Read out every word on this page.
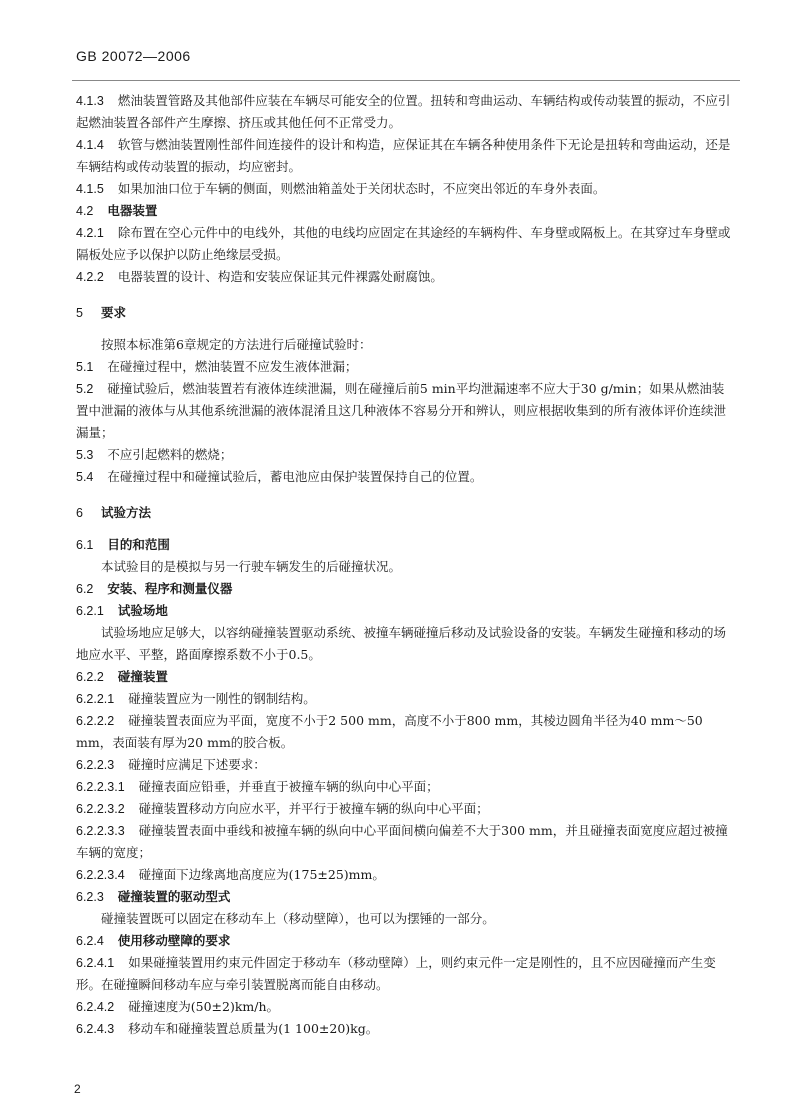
GB 20072—2006
4.1.3 燃油装置管路及其他部件应装在车辆尽可能安全的位置。扭转和弯曲运动、车辆结构或传动装置的振动，不应引起燃油装置各部件产生摩擦、挤压或其他任何不正常受力。
4.1.4 软管与燃油装置刚性部件间连接件的设计和构造，应保证其在车辆各种使用条件下无论是扭转和弯曲运动，还是车辆结构或传动装置的振动，均应密封。
4.1.5 如果加油口位于车辆的侧面，则燃油箱盖处于关闭状态时，不应突出邻近的车身外表面。
4.2 电器装置
4.2.1 除布置在空心元件中的电线外，其他的电线均应固定在其途经的车辆构件、车身壁或隔板上。在其穿过车身壁或隔板处应予以保护以防止绝缘层受损。
4.2.2 电器装置的设计、构造和安装应保证其元件裸露处耐腐蚀。
5 要求
按照本标准第6章规定的方法进行后碰撞试验时：
5.1 在碰撞过程中，燃油装置不应发生液体泄漏；
5.2 碰撞试验后，燃油装置若有液体连续泄漏，则在碰撞后前5 min平均泄漏速率不应大于30 g/min；如果从燃油装置中泄漏的液体与从其他系统泄漏的液体混淆且这几种液体不容易分开和辨认，则应根据收集到的所有液体评价连续泄漏量；
5.3 不应引起燃料的燃烧；
5.4 在碰撞过程中和碰撞试验后，蓄电池应由保护装置保持自己的位置。
6 试验方法
6.1 目的和范围
本试验目的是模拟与另一行驶车辆发生的后碰撞状况。
6.2 安装、程序和测量仪器
6.2.1 试验场地
试验场地应足够大，以容纳碰撞装置驱动系统、被撞车辆碰撞后移动及试验设备的安装。车辆发生碰撞和移动的场地应水平、平整，路面摩擦系数不小于0.5。
6.2.2 碰撞装置
6.2.2.1 碰撞装置应为一刚性的钢制结构。
6.2.2.2 碰撞装置表面应为平面，宽度不小于2 500 mm，高度不小于800 mm，其棱边圆角半径为40 mm～50 mm，表面装有厚为20 mm的胶合板。
6.2.2.3 碰撞时应满足下述要求：
6.2.2.3.1 碰撞表面应铅垂，并垂直于被撞车辆的纵向中心平面；
6.2.2.3.2 碰撞装置移动方向应水平，并平行于被撞车辆的纵向中心平面；
6.2.2.3.3 碰撞装置表面中垂线和被撞车辆的纵向中心平面间横向偏差不大于300 mm，并且碰撞表面宽度应超过被撞车辆的宽度；
6.2.2.3.4 碰撞面下边缘离地高度应为(175±25)mm。
6.2.3 碰撞装置的驱动型式
碰撞装置既可以固定在移动车上（移动壁障），也可以为摆锤的一部分。
6.2.4 使用移动壁障的要求
6.2.4.1 如果碰撞装置用约束元件固定于移动车（移动壁障）上，则约束元件一定是刚性的，且不应因碰撞而产生变形。在碰撞瞬间移动车应与牵引装置脱离而能自由移动。
6.2.4.2 碰撞速度为(50±2)km/h。
6.2.4.3 移动车和碰撞装置总质量为(1 100±20)kg。
2
